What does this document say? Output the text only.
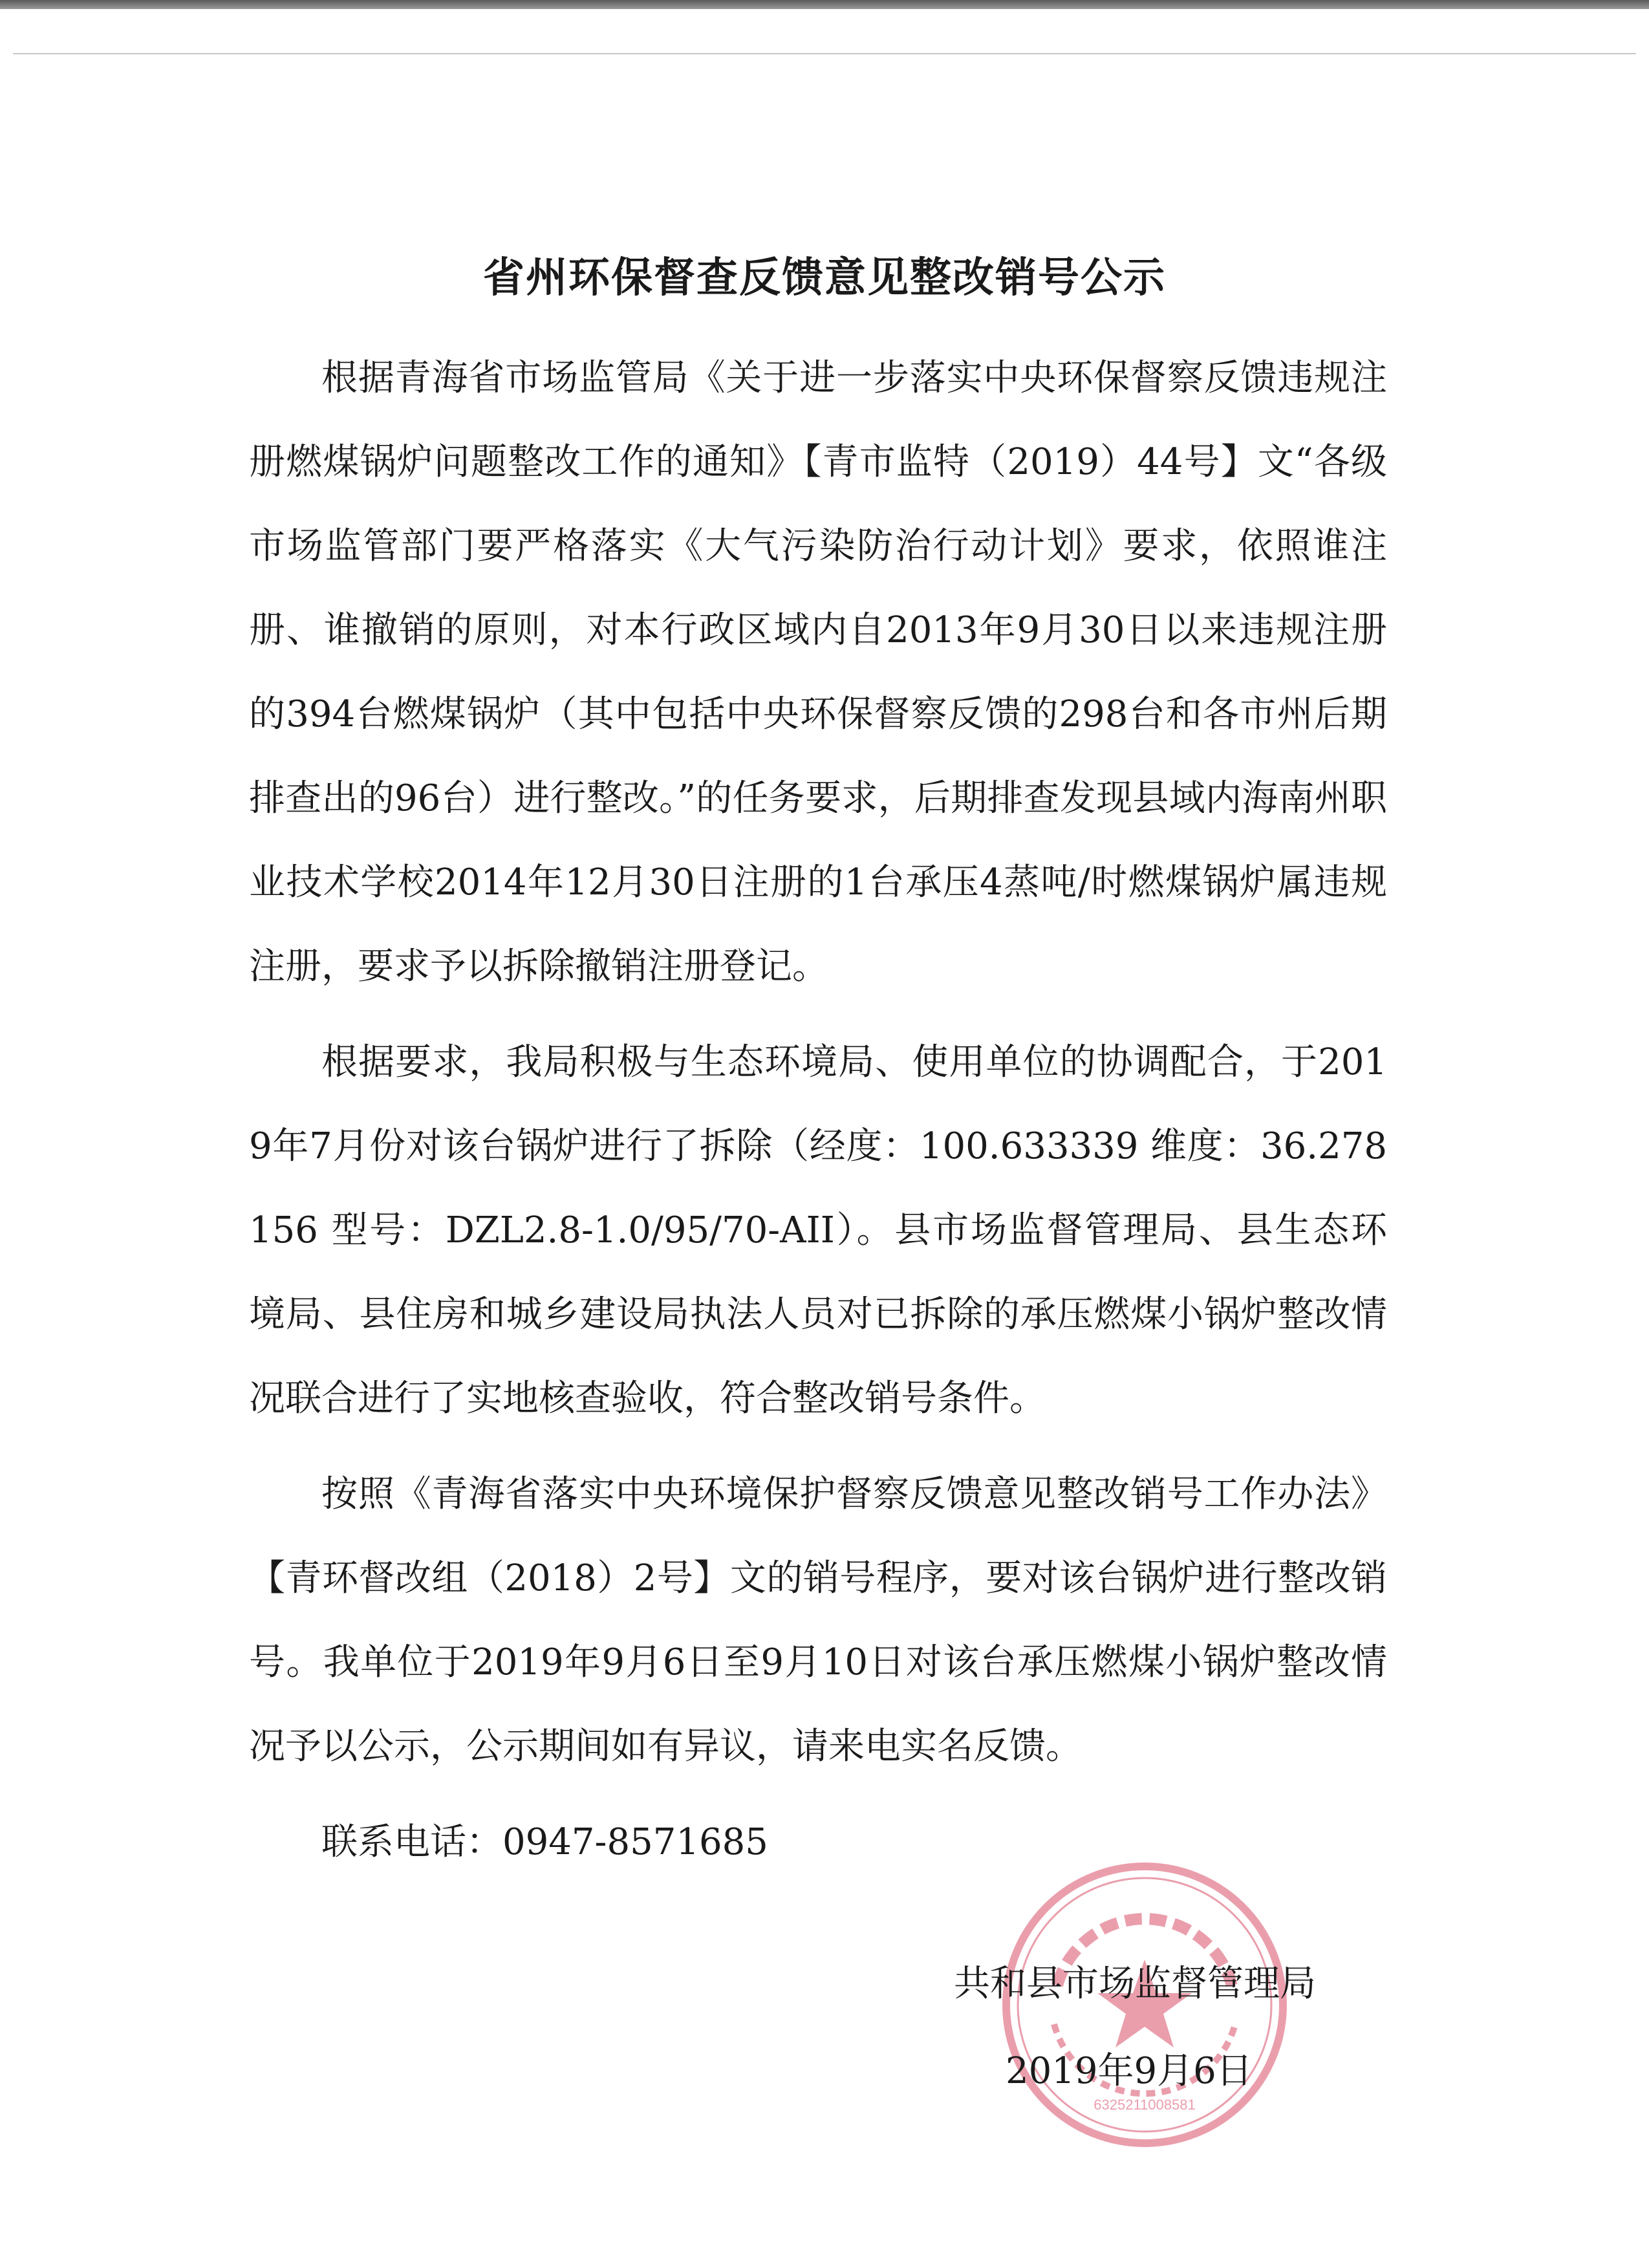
省州环保督查反馈意见整改销号公示

根据青海省市场监管局《关于进一步落实中央环保督察反馈违规注册燃煤锅炉问题整改工作的通知》【青市监特（2019）44号】文“各级市场监管部门要严格落实《大气污染防治行动计划》要求，依照谁注册、谁撤销的原则，对本行政区域内自2013年9月30日以来违规注册的394台燃煤锅炉（其中包括中央环保督察反馈的298台和各市州后期排查出的96台）进行整改。”的任务要求，后期排查发现县域内海南州职业技术学校2014年12月30日注册的1台承压4蒸吨/时燃煤锅炉属违规注册，要求予以拆除撤销注册登记。

根据要求，我局积极与生态环境局、使用单位的协调配合，于2019年7月份对该台锅炉进行了拆除（经度：100.633339 维度：36.278156 型号：DZL2.8-1.0/95/70-AII）。县市场监督管理局、县生态环境局、县住房和城乡建设局执法人员对已拆除的承压燃煤小锅炉整改情况联合进行了实地核查验收，符合整改销号条件。

按照《青海省落实中央环境保护督察反馈意见整改销号工作办法》【青环督改组（2018）2号】文的销号程序，要对该台锅炉进行整改销号。我单位于2019年9月6日至9月10日对该台承压燃煤小锅炉整改情况予以公示，公示期间如有异议，请来电实名反馈。

联系电话：0947-8571685

6325211008581
共和县市场监督管理局
2019年9月6日
